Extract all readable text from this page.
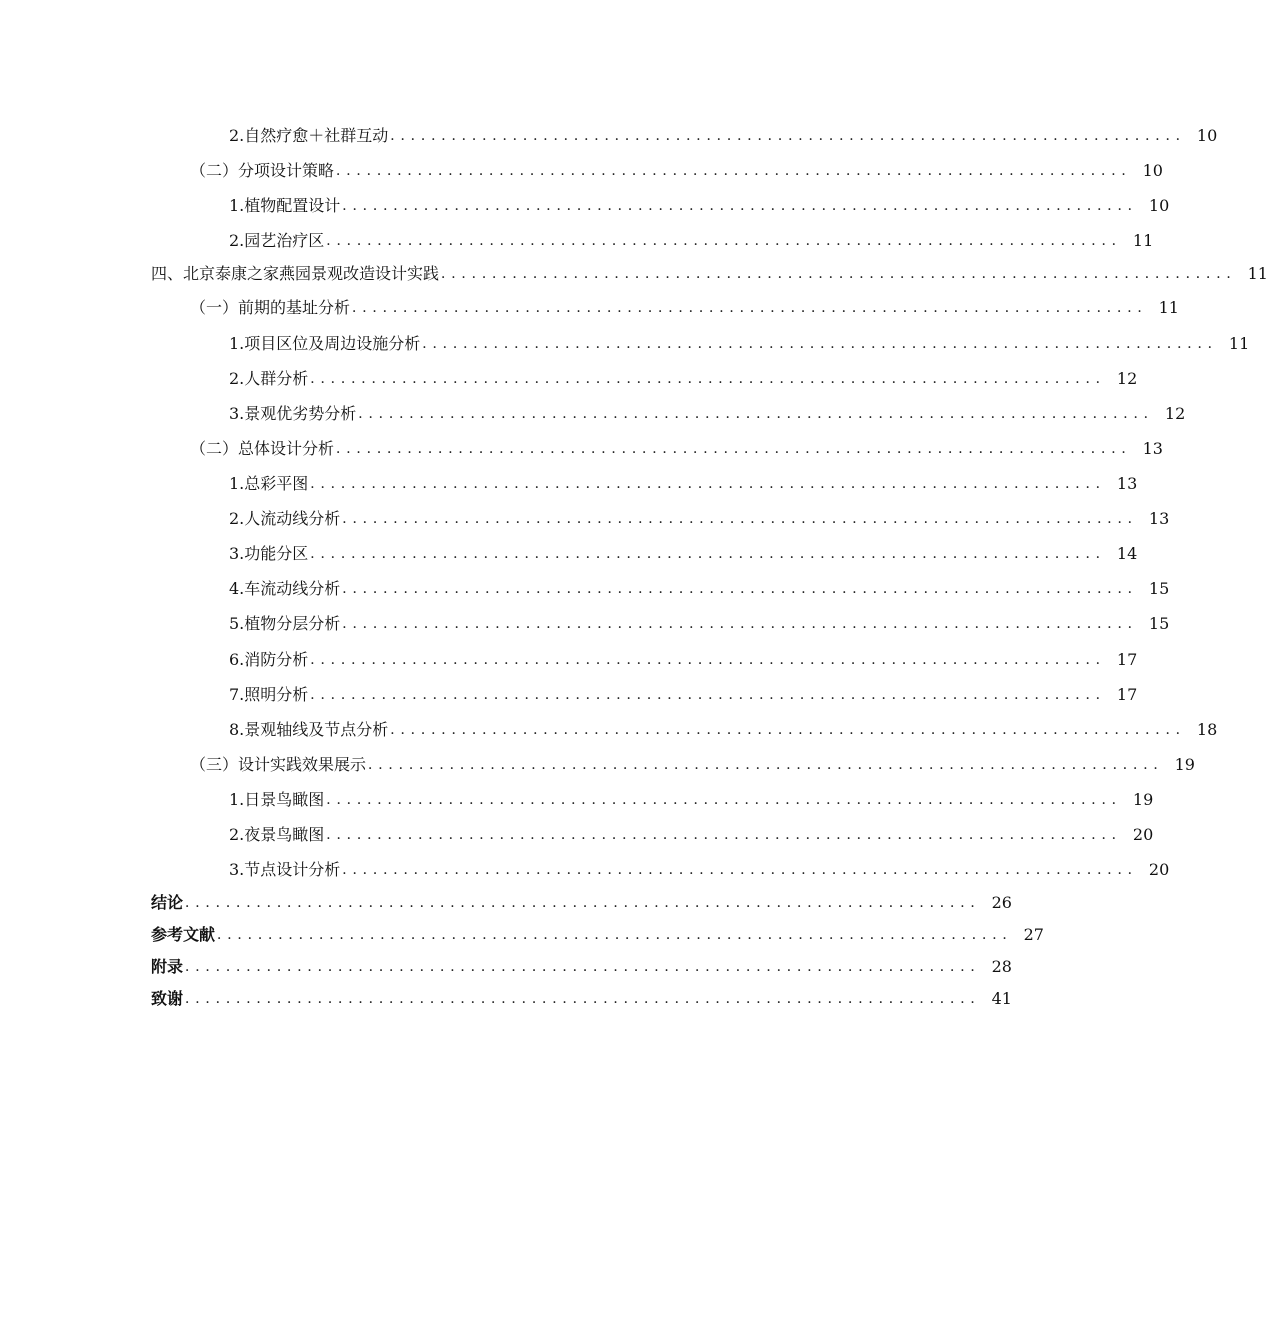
2.自然疗愈＋社群互动 ．．．．．．．．．．．．．．．．．．．．．．．．．．．．．．．．．．．．．．．．．．．．．．．．．．．．．．．．．．．．．．．．．．．．．．．．．．．．．． 10
（二）分项设计策略 ．．．．．．．．．．．．．．．．．．．．．．．．．．．．．．．．．．．．．．．．．．．．．．．．．．．．．．．．．．．．．．．．．．．．．．．．．．．．．． 10
1.植物配置设计 ．．．．．．．．．．．．．．．．．．．．．．．．．．．．．．．．．．．．．．．．．．．．．．．．．．．．．．．．．．．．．．．．．．．．．．．．．．．．．． 10
2.园艺治疗区 ．．．．．．．．．．．．．．．．．．．．．．．．．．．．．．．．．．．．．．．．．．．．．．．．．．．．．．．．．．．．．．．．．．．．．．．．．．．．．． 11
四、北京泰康之家燕园景观改造设计实践 ．．．．．．．．．．．．．．．．．．．．．．．．．．．．．．．．．．．．．．．．．．．．．．．．．．．．．．．．．．．．．．．．．．．．．．．．．．．．．． 11
（一）前期的基址分析 ．．．．．．．．．．．．．．．．．．．．．．．．．．．．．．．．．．．．．．．．．．．．．．．．．．．．．．．．．．．．．．．．．．．．．．．．．．．．．． 11
1.项目区位及周边设施分析 ．．．．．．．．．．．．．．．．．．．．．．．．．．．．．．．．．．．．．．．．．．．．．．．．．．．．．．．．．．．．．．．．．．．．．．．．．．．．．． 11
2.人群分析 ．．．．．．．．．．．．．．．．．．．．．．．．．．．．．．．．．．．．．．．．．．．．．．．．．．．．．．．．．．．．．．．．．．．．．．．．．．．．．． 12
3.景观优劣势分析 ．．．．．．．．．．．．．．．．．．．．．．．．．．．．．．．．．．．．．．．．．．．．．．．．．．．．．．．．．．．．．．．．．．．．．．．．．．．．．． 12
（二）总体设计分析 ．．．．．．．．．．．．．．．．．．．．．．．．．．．．．．．．．．．．．．．．．．．．．．．．．．．．．．．．．．．．．．．．．．．．．．．．．．．．．． 13
1.总彩平图 ．．．．．．．．．．．．．．．．．．．．．．．．．．．．．．．．．．．．．．．．．．．．．．．．．．．．．．．．．．．．．．．．．．．．．．．．．．．．．． 13
2.人流动线分析 ．．．．．．．．．．．．．．．．．．．．．．．．．．．．．．．．．．．．．．．．．．．．．．．．．．．．．．．．．．．．．．．．．．．．．．．．．．．．．． 13
3.功能分区 ．．．．．．．．．．．．．．．．．．．．．．．．．．．．．．．．．．．．．．．．．．．．．．．．．．．．．．．．．．．．．．．．．．．．．．．．．．．．．． 14
4.车流动线分析 ．．．．．．．．．．．．．．．．．．．．．．．．．．．．．．．．．．．．．．．．．．．．．．．．．．．．．．．．．．．．．．．．．．．．．．．．．．．．．． 15
5.植物分层分析 ．．．．．．．．．．．．．．．．．．．．．．．．．．．．．．．．．．．．．．．．．．．．．．．．．．．．．．．．．．．．．．．．．．．．．．．．．．．．．． 15
6.消防分析 ．．．．．．．．．．．．．．．．．．．．．．．．．．．．．．．．．．．．．．．．．．．．．．．．．．．．．．．．．．．．．．．．．．．．．．．．．．．．．． 17
7.照明分析 ．．．．．．．．．．．．．．．．．．．．．．．．．．．．．．．．．．．．．．．．．．．．．．．．．．．．．．．．．．．．．．．．．．．．．．．．．．．．．． 17
8.景观轴线及节点分析 ．．．．．．．．．．．．．．．．．．．．．．．．．．．．．．．．．．．．．．．．．．．．．．．．．．．．．．．．．．．．．．．．．．．．．．．．．．．．．． 18
（三）设计实践效果展示 ．．．．．．．．．．．．．．．．．．．．．．．．．．．．．．．．．．．．．．．．．．．．．．．．．．．．．．．．．．．．．．．．．．．．．．．．．．．．．． 19
1.日景鸟瞰图 ．．．．．．．．．．．．．．．．．．．．．．．．．．．．．．．．．．．．．．．．．．．．．．．．．．．．．．．．．．．．．．．．．．．．．．．．．．．．．． 19
2.夜景鸟瞰图 ．．．．．．．．．．．．．．．．．．．．．．．．．．．．．．．．．．．．．．．．．．．．．．．．．．．．．．．．．．．．．．．．．．．．．．．．．．．．．． 20
3.节点设计分析 ．．．．．．．．．．．．．．．．．．．．．．．．．．．．．．．．．．．．．．．．．．．．．．．．．．．．．．．．．．．．．．．．．．．．．．．．．．．．．． 20
结论 ．．．．．．．．．．．．．．．．．．．．．．．．．．．．．．．．．．．．．．．．．．．．．．．．．．．．．．．．．．．．．．．．．．．．．．．．．．．．．． 26
参考文献 ．．．．．．．．．．．．．．．．．．．．．．．．．．．．．．．．．．．．．．．．．．．．．．．．．．．．．．．．．．．．．．．．．．．．．．．．．．．．．． 27
附录 ．．．．．．．．．．．．．．．．．．．．．．．．．．．．．．．．．．．．．．．．．．．．．．．．．．．．．．．．．．．．．．．．．．．．．．．．．．．．．． 28
致谢 ．．．．．．．．．．．．．．．．．．．．．．．．．．．．．．．．．．．．．．．．．．．．．．．．．．．．．．．．．．．．．．．．．．．．．．．．．．．．．． 41
